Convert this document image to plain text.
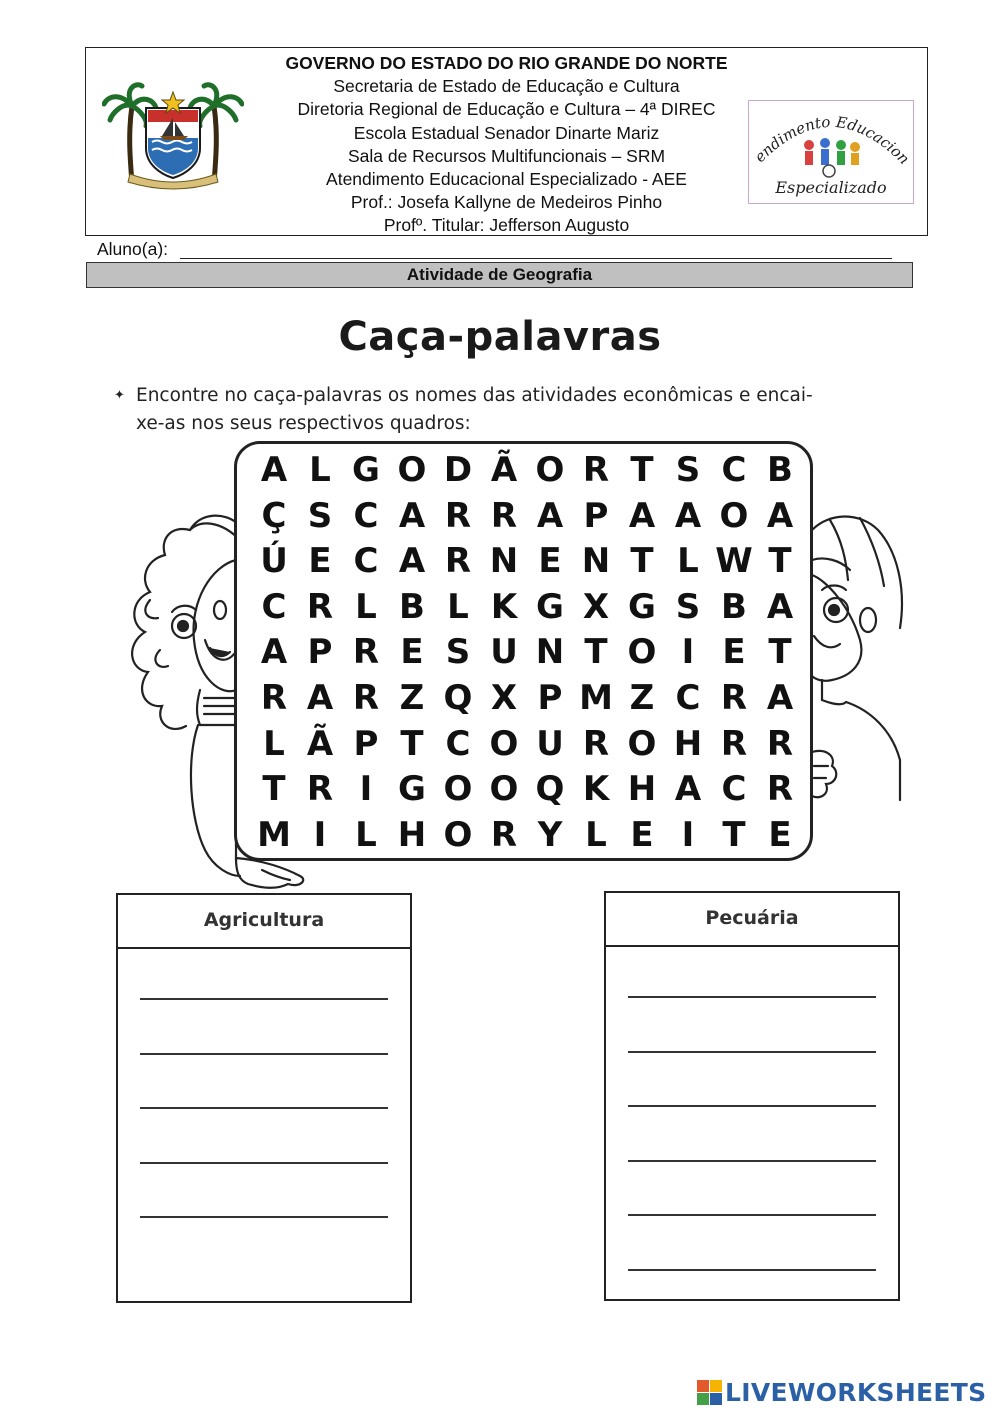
GOVERNO DO ESTADO DO RIO GRANDE DO NORTE
Secretaria de Estado de Educação e Cultura
Diretoria Regional de Educação e Cultura – 4ª DIREC
Escola Estadual Senador Dinarte Mariz
Sala de Recursos Multifuncionais – SRM
Atendimento Educacional Especializado - AEE
Prof.: Josefa Kallyne de Medeiros Pinho
Profº. Titular: Jefferson Augusto
endimento Educacion
Especializado
Aluno(a):
Atividade de Geografia
Caça-palavras
✦ Encontre no caça-palavras os nomes das atividades econômicas e encai-
xe-as nos seus respectivos quadros:
A L G O D Ã O R T S C B
Ç S C A R R A P A A O A
Ú E C A R N E N T L W T
C R L B L K G X G S B A
A P R E S U N T O I E T
R A R Z Q X P M Z C R A
L Ã P T C O U R O H R R
T R I G O O Q K H A C R
M I L H O R Y L E I T E
Agricultura	Pecuária
LIVEWORKSHEETS
